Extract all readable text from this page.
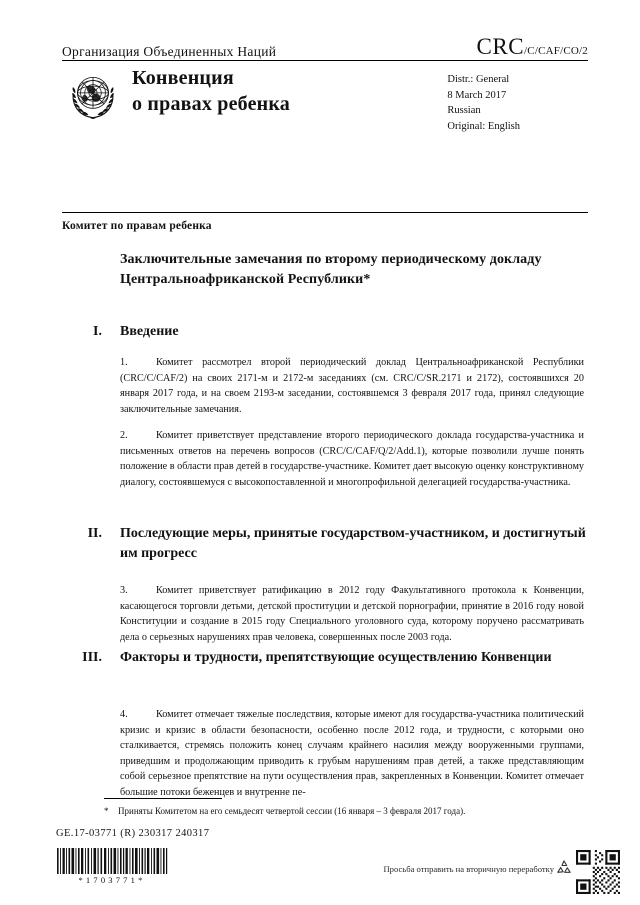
Организация Объединенных Наций	CRC /C/CAF/CO/2
Конвенция
о правах ребенка
Distr.: General
8 March 2017
Russian
Original: English
Комитет по правам ребенка
Заключительные замечания по второму периодическому докладу Центральноафриканской Республики*
I.	Введение
1.	Комитет рассмотрел второй периодический доклад Центральноафриканской Республики (CRC/C/CAF/2) на своих 2171-м и 2172-м заседаниях (см. CRC/C/SR.2171 и 2172), состоявшихся 20 января 2017 года, и на своем 2193-м заседании, состоявшемся 3 февраля 2017 года, принял следующие заключительные замечания.
2.	Комитет приветствует представление второго периодического доклада государства-участника и письменных ответов на перечень вопросов (CRC/C/CAF/Q/2/Add.1), которые позволили лучше понять положение в области прав детей в государстве-участнике. Комитет дает высокую оценку конструктивному диалогу, состоявшемуся с высокопоставленной и многопрофильной делегацией государства-участника.
II.	Последующие меры, принятые государством-участником, и достигнутый им прогресс
3.	Комитет приветствует ратификацию в 2012 году Факультативного протокола к Конвенции, касающегося торговли детьми, детской проституции и детской порнографии, принятие в 2016 году новой Конституции и создание в 2015 году Специального уголовного суда, которому поручено рассматривать дела о серьезных нарушениях прав человека, совершенных после 2003 года.
III.	Факторы и трудности, препятствующие осуществлению Конвенции
4.	Комитет отмечает тяжелые последствия, которые имеют для государства-участника политический кризис и кризис в области безопасности, особенно после 2012 года, и трудности, с которыми оно сталкивается, стремясь положить конец случаям крайнего насилия между вооруженными группами, приведшим и продолжающим приводить к грубым нарушениям прав детей, а также представляющим собой серьезное препятствие на пути осуществления прав, закрепленных в Конвенции. Комитет отмечает большие потоки беженцев и внутренне пе-
* Приняты Комитетом на его семьдесят четвертой сессии (16 января – 3 февраля 2017 года).
GE.17-03771 (R) 230317 240317
*1703771*
Просьба отправить на вторичную переработку
